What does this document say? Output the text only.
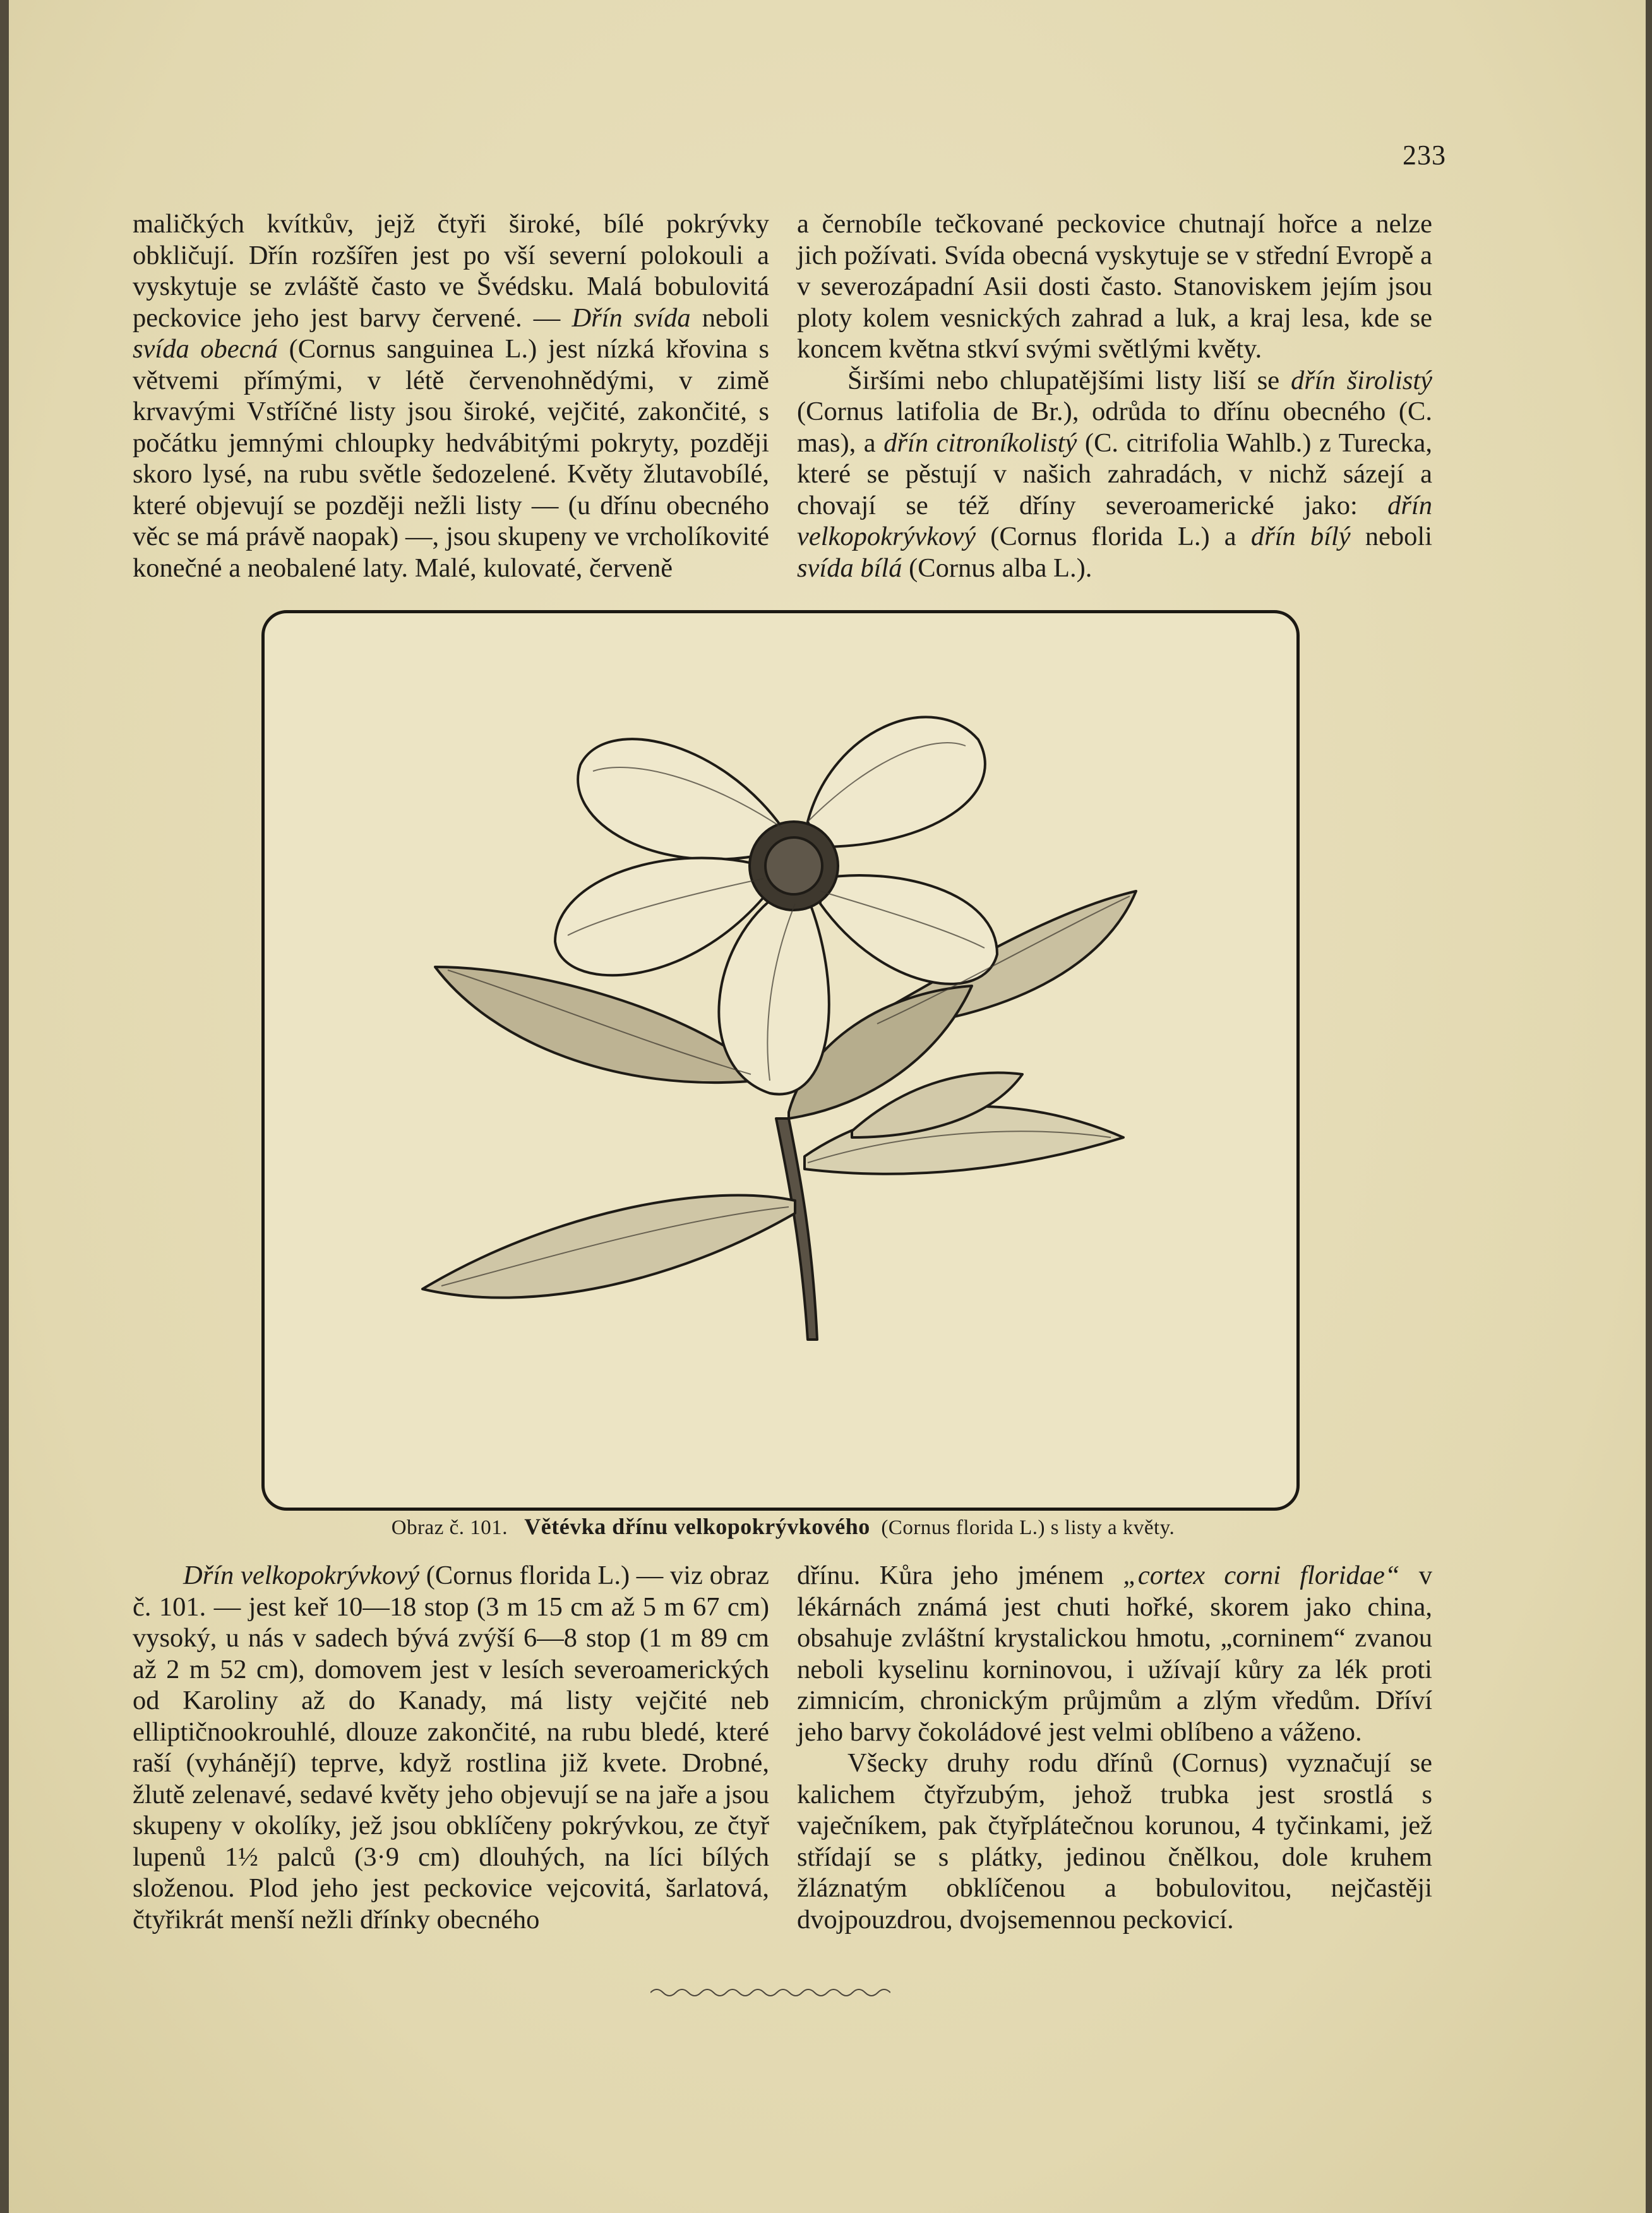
233

maličkých kvítkův, jejž čtyři široké, bílé pokrývky obkličují. Dřín rozšířen jest po vší severní polokouli a vyskytuje se zvláště často ve Švédsku. Malá bobulovitá peckovice jeho jest barvy červené. — Dřín svída neboli svída obecná (Cornus sanguinea L.) jest nízká křovina s větvemi přímými, v létě červenohnědými, v zimě krvavými Vstříčné listy jsou široké, vejčité, zakončité, s počátku jemnými chloupky hedvábitými pokryty, později skoro lysé, na rubu světle šedozelené. Květy žlutavobílé, které objevují se později nežli listy — (u dřínu obecného věc se má právě naopak) —, jsou skupeny ve vrcholíkovité konečné a neobalené laty. Malé, kulovaté, červeně

a černobíle tečkované peckovice chutnají hořce a nelze jich požívati. Svída obecná vyskytuje se v střední Evropě a v severozápadní Asii dosti často. Stanoviskem jejím jsou ploty kolem vesnických zahrad a luk, a kraj lesa, kde se koncem května stkví svými světlými květy.

Širšími nebo chlupatějšími listy liší se dřín širolistý (Cornus latifolia de Br.), odrůda to dřínu obecného (C. mas), a dřín citroníkolistý (C. citrifolia Wahlb.) z Turecka, které se pěstují v našich zahradách, v nichž sázejí a chovají se též dříny severoamerické jako: dřín velkopokrývkový (Cornus florida L.) a dřín bílý neboli svída bílá (Cornus alba L.).

Obraz č. 101. Větévka dřínu velkopokrývkového (Cornus florida L.) s listy a květy.

Dřín velkopokrývkový (Cornus florida L.) — viz obraz č. 101. — jest keř 10—18 stop (3 m 15 cm až 5 m 67 cm) vysoký, u nás v sadech bývá zvýší 6—8 stop (1 m 89 cm až 2 m 52 cm), domovem jest v lesích severoamerických od Karoliny až do Kanady, má listy vejčité neb elliptičnookrouhlé, dlouze zakončité, na rubu bledé, které raší (vyhánějí) teprve, když rostlina již kvete. Drobné, žlutě zelenavé, sedavé květy jeho objevují se na jaře a jsou skupeny v okolíky, jež jsou obklíčeny pokrývkou, ze čtyř lupenů 1½ palců (3·9 cm) dlouhých, na líci bílých složenou. Plod jeho jest peckovice vejcovitá, šarlatová, čtyřikrát menší nežli dřínky obecného

dřínu. Kůra jeho jménem „cortex corni floridae“ v lékárnách známá jest chuti hořké, skorem jako china, obsahuje zvláštní krystalickou hmotu, „corninem“ zvanou neboli kyselinu korninovou, i užívají kůry za lék proti zimnicím, chronickým průjmům a zlým vředům. Dříví jeho barvy čokoládové jest velmi oblíbeno a váženo.

Všecky druhy rodu dřínů (Cornus) vyznačují se kalichem čtyřzubým, jehož trubka jest srostlá s vaječníkem, pak čtyřplátečnou korunou, 4 tyčinkami, jež střídají se s plátky, jedinou čnělkou, dole kruhem žláznatým obklíčenou a bobulovitou, nejčastěji dvojpouzdrou, dvojsemennou peckovicí.
